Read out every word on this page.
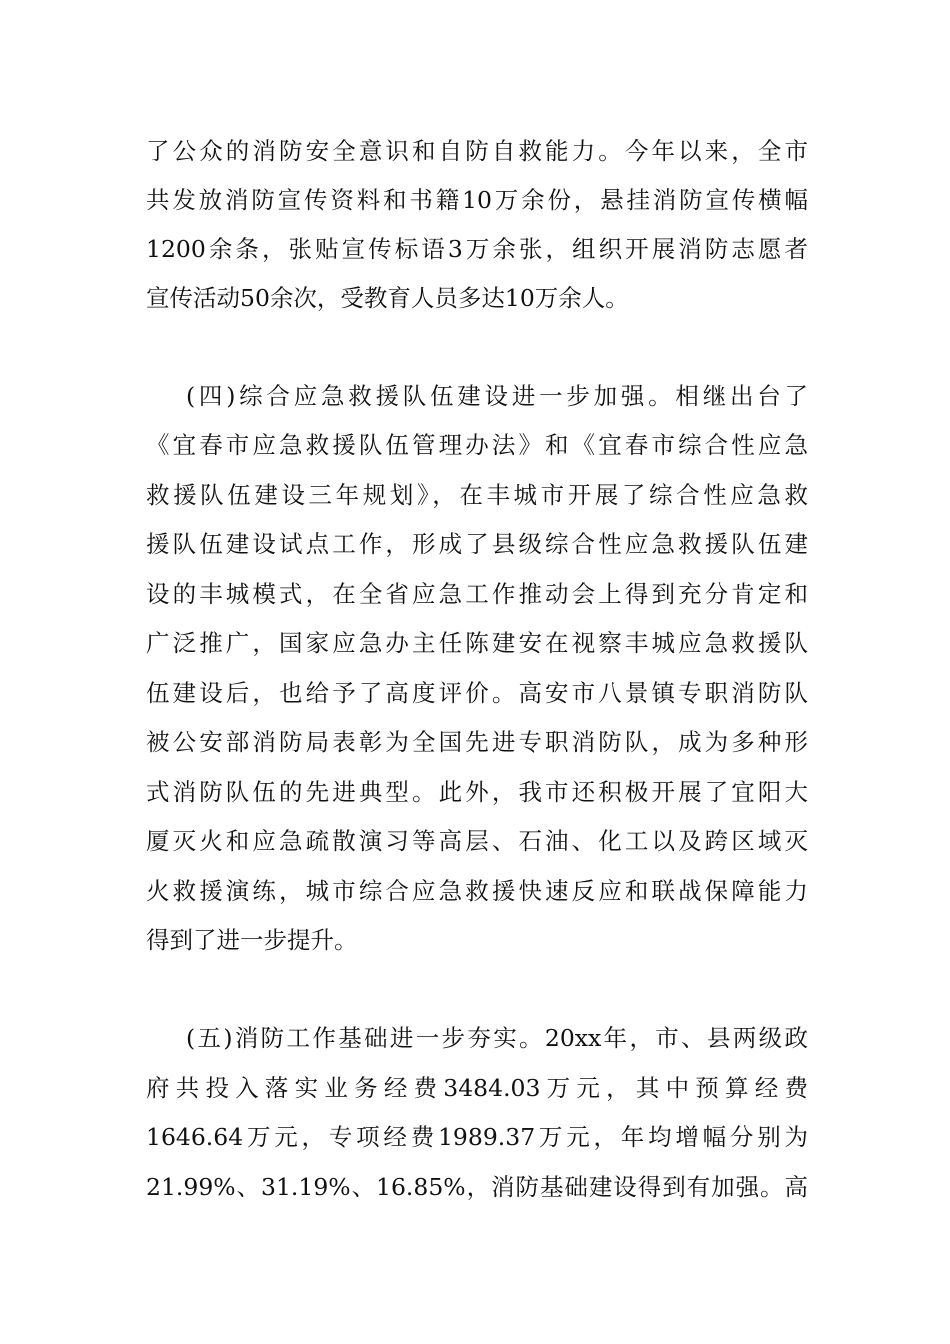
了公众的消防安全意识和自防自救能力。今年以来，全市
共发放消防宣传资料和书籍10万余份，悬挂消防宣传横幅
1200余条，张贴宣传标语3万余张，组织开展消防志愿者
宣传活动50余次，受教育人员多达10万余人。
(四)综合应急救援队伍建设进一步加强。相继出台了
《宜春市应急救援队伍管理办法》和《宜春市综合性应急
救援队伍建设三年规划》，在丰城市开展了综合性应急救
援队伍建设试点工作，形成了县级综合性应急救援队伍建
设的丰城模式，在全省应急工作推动会上得到充分肯定和
广泛推广，国家应急办主任陈建安在视察丰城应急救援队
伍建设后，也给予了高度评价。高安市八景镇专职消防队
被公安部消防局表彰为全国先进专职消防队，成为多种形
式消防队伍的先进典型。此外，我市还积极开展了宜阳大
厦灭火和应急疏散演习等高层、石油、化工以及跨区域灭
火救援演练，城市综合应急救援快速反应和联战保障能力
得到了进一步提升。
(五)消防工作基础进一步夯实。20xx年，市、县两级政
府共投入落实业务经费3484.03万元，其中预算经费
1646.64万元，专项经费1989.37万元，年均增幅分别为
21.99%、31.19%、16.85%，消防基础建设得到有加强。高
